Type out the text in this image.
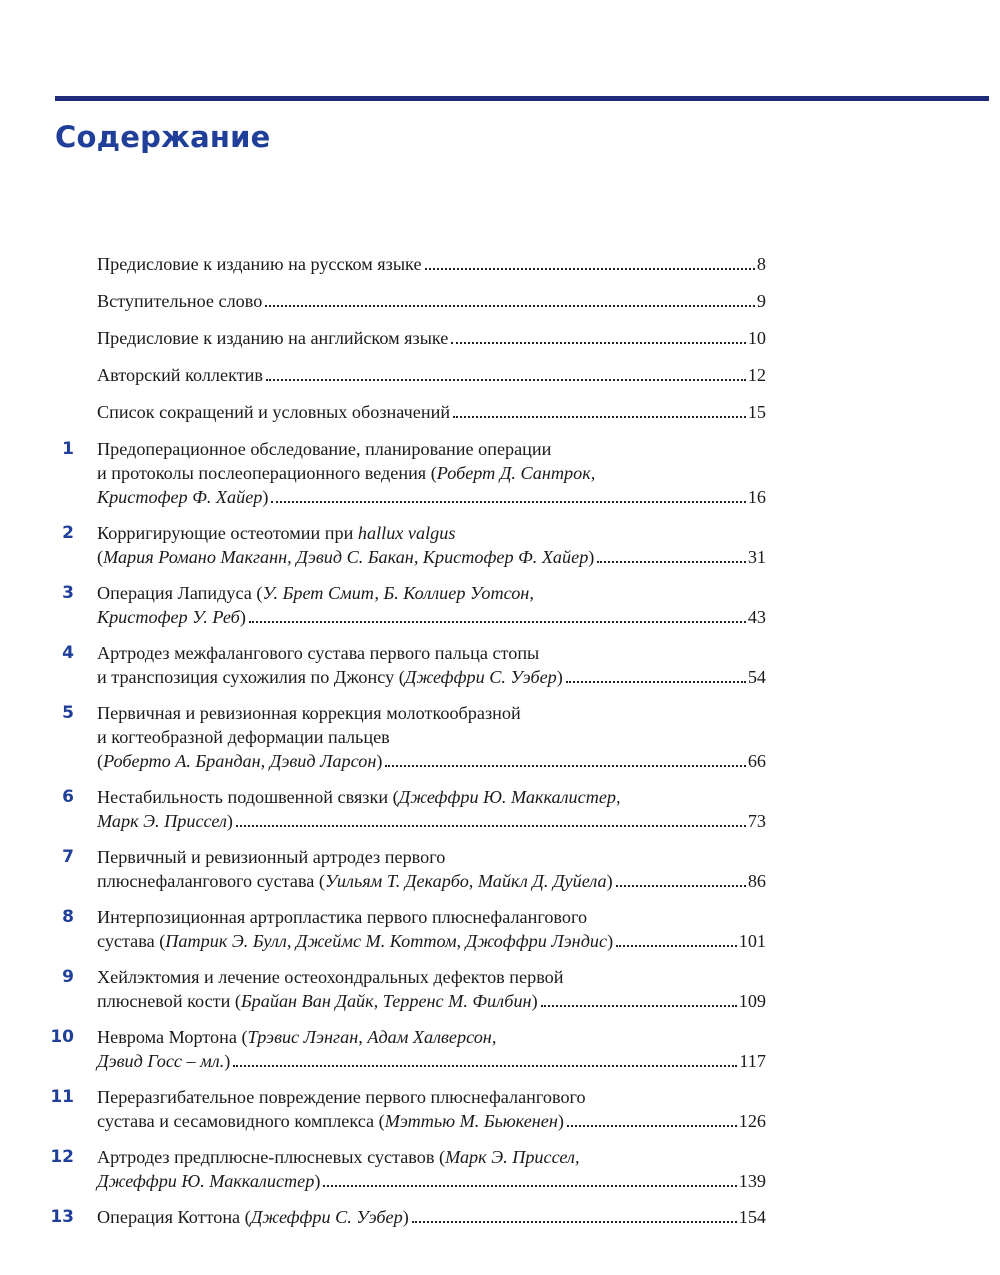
Содержание
Предисловие к изданию на русском языке	8
Вступительное слово	9
Предисловие к изданию на английском языке	10
Авторский коллектив	12
Список сокращений и условных обозначений	15
1 Предоперационное обследование, планирование операции
и протоколы послеоперационного ведения (Роберт Д. Сантрок,
Кристофер Ф. Хайер)	16
2 Корригирующие остеотомии при hallux valgus
(Мария Романо Макганн, Дэвид С. Бакан, Кристофер Ф. Хайер)	31
3 Операция Лапидуса (У. Брет Смит, Б. Коллиер Уотсон,
Кристофер У. Реб)	43
4 Артродез межфалангового сустава первого пальца стопы
и транспозиция сухожилия по Джонсу (Джеффри С. Уэбер)	54
5 Первичная и ревизионная коррекция молоткообразной
и когтеобразной деформации пальцев
(Роберто А. Брандан, Дэвид Ларсон)	66
6 Нестабильность подошвенной связки (Джеффри Ю. Маккалистер,
Марк Э. Приссел)	73
7 Первичный и ревизионный артродез первого
плюснефалангового сустава (Уильям Т. Декарбо, Майкл Д. Дуйела)	86
8 Интерпозиционная артропластика первого плюснефалангового
сустава (Патрик Э. Булл, Джеймс М. Коттом, Джоффри Лэндис)	101
9 Хейлэктомия и лечение остеохондральных дефектов первой
плюсневой кости (Брайан Ван Дайк, Терренс М. Филбин)	109
10 Неврома Мортона (Трэвис Лэнган, Адам Халверсон,
Дэвид Госс – мл.)	117
11 Переразгибательное повреждение первого плюснефалангового
сустава и сесамовидного комплекса (Мэттью М. Бьюкенен)	126
12 Артродез предплюсне-плюсневых суставов (Марк Э. Приссел,
Джеффри Ю. Маккалистер)	139
13 Операция Коттона (Джеффри С. Уэбер)	154
